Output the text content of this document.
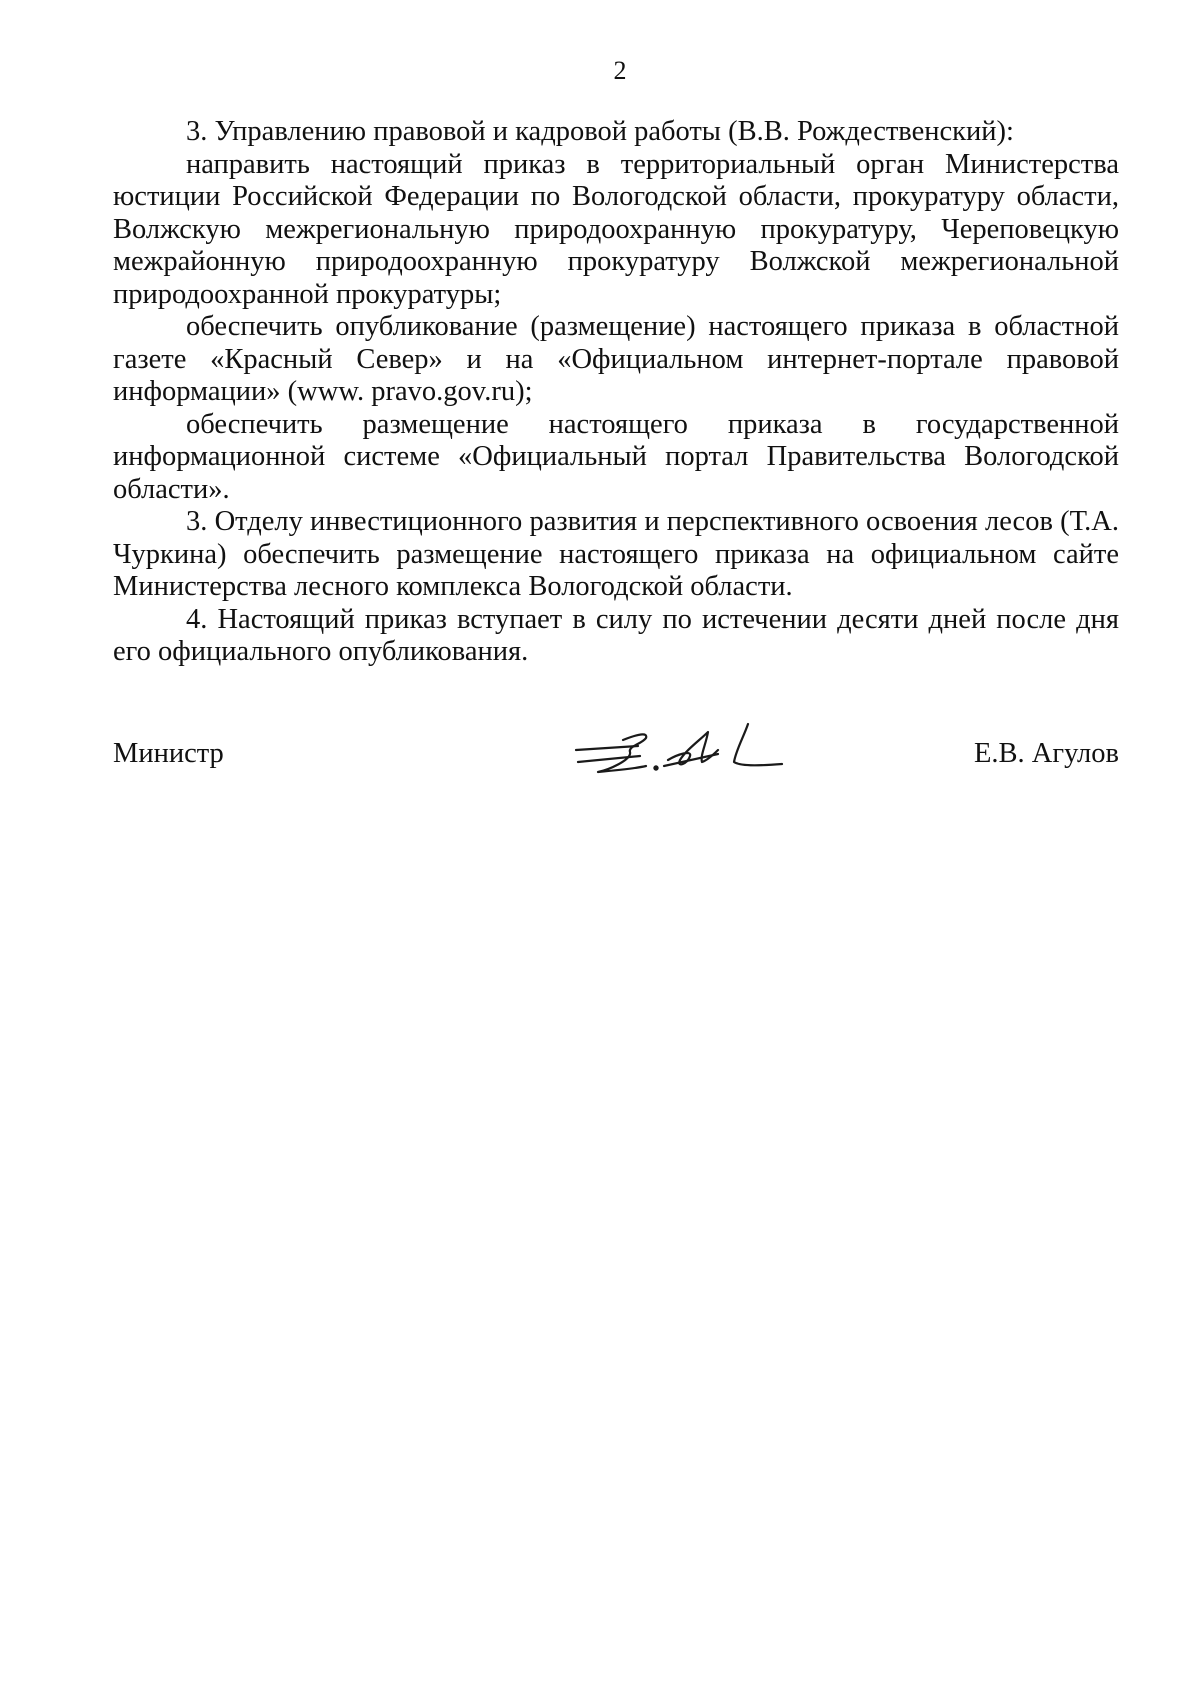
2

3. Управлению правовой и кадровой работы (В.В. Рождественский):

направить настоящий приказ в территориальный орган Министерства юстиции Российской Федерации по Вологодской области, прокуратуру области, Волжскую межрегиональную природоохранную прокуратуру, Череповецкую межрайонную природоохранную прокуратуру Волжской межрегиональной природоохранной прокуратуры;

обеспечить опубликование (размещение) настоящего приказа в областной газете «Красный Север» и на «Официальном интернет-портале правовой информации» (www. pravo.gov.ru);

обеспечить размещение настоящего приказа в государственной информационной системе «Официальный портал Правительства Вологодской области».

3. Отделу инвестиционного развития и перспективного освоения лесов (Т.А. Чуркина) обеспечить размещение настоящего приказа на официальном сайте Министерства лесного комплекса Вологодской области.

4. Настоящий приказ вступает в силу по истечении десяти дней после дня его официального опубликования.

Министр	Е.В. Агулов
